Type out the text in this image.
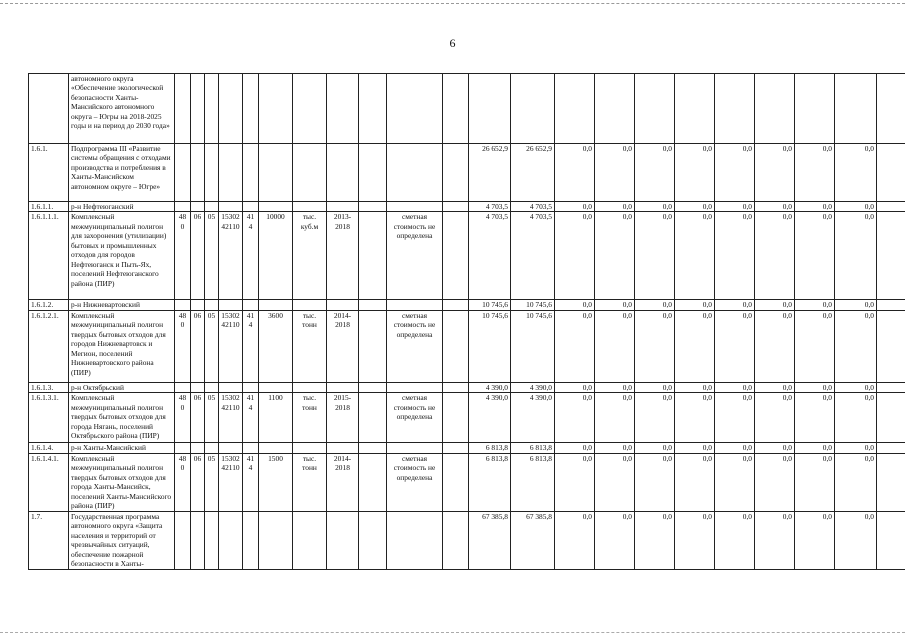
6
	автономного округа «Обеспечение экологической безопасности Ханты-Мансийского автономного округа – Югры на 2018-2025 годы и на период до 2030 года»																						
1.6.1.	Подпрограмма III «Развитие системы обращения с отходами производства и потребления в Ханты-Мансийском автономном округе – Югре»												26 652,9	26 652,9	0,0	0,0	0,0	0,0	0,0	0,0	0,0	0,0	
1.6.1.1.	р-н Нефтеюганский												4 703,5	4 703,5	0,0	0,0	0,0	0,0	0,0	0,0	0,0	0,0	
1.6.1.1.1.	Комплексный межмуниципальный полигон для захоронения (утилизации) бытовых и промышленных отходов для городов Нефтеюганск и Пыть-Ях, поселений Нефтеюганского района (ПИР)	480	06	05	15302 42110	414	10000	тыс. куб.м	2013-2018		сметная стоимость не определена		4 703,5	4 703,5	0,0	0,0	0,0	0,0	0,0	0,0	0,0	0,0	
1.6.1.2.	р-н Нижневартовский												10 745,6	10 745,6	0,0	0,0	0,0	0,0	0,0	0,0	0,0	0,0	
1.6.1.2.1.	Комплексный межмуниципальный полигон твердых бытовых отходов для городов Нижневартовск и Мегион, поселений Нижневартовского района (ПИР)	480	06	05	15302 42110	414	3600	тыс. тонн	2014-2018		сметная стоимость не определена		10 745,6	10 745,6	0,0	0,0	0,0	0,0	0,0	0,0	0,0	0,0	
1.6.1.3.	р-н Октябрьский												4 390,0	4 390,0	0,0	0,0	0,0	0,0	0,0	0,0	0,0	0,0	
1.6.1.3.1.	Комплексный межмуниципальный полигон твердых бытовых отходов для города Нягань, поселений Октябрьского района (ПИР)	480	06	05	15302 42110	414	1100	тыс. тонн	2015-2018		сметная стоимость не определена		4 390,0	4 390,0	0,0	0,0	0,0	0,0	0,0	0,0	0,0	0,0	
1.6.1.4.	р-н Ханты-Мансийский												6 813,8	6 813,8	0,0	0,0	0,0	0,0	0,0	0,0	0,0	0,0	
1.6.1.4.1.	Комплексный межмуниципальный полигон твердых бытовых отходов для города Ханты-Мансийск, поселений Ханты-Мансийского района (ПИР)	480	06	05	15302 42110	414	1500	тыс. тонн	2014-2018		сметная стоимость не определена		6 813,8	6 813,8	0,0	0,0	0,0	0,0	0,0	0,0	0,0	0,0	
1.7.	Государственная программа автономного округа «Защита населения и территорий от чрезвычайных ситуаций, обеспечение пожарной безопасности в Ханты-												67 385,8	67 385,8	0,0	0,0	0,0	0,0	0,0	0,0	0,0	0,0	
